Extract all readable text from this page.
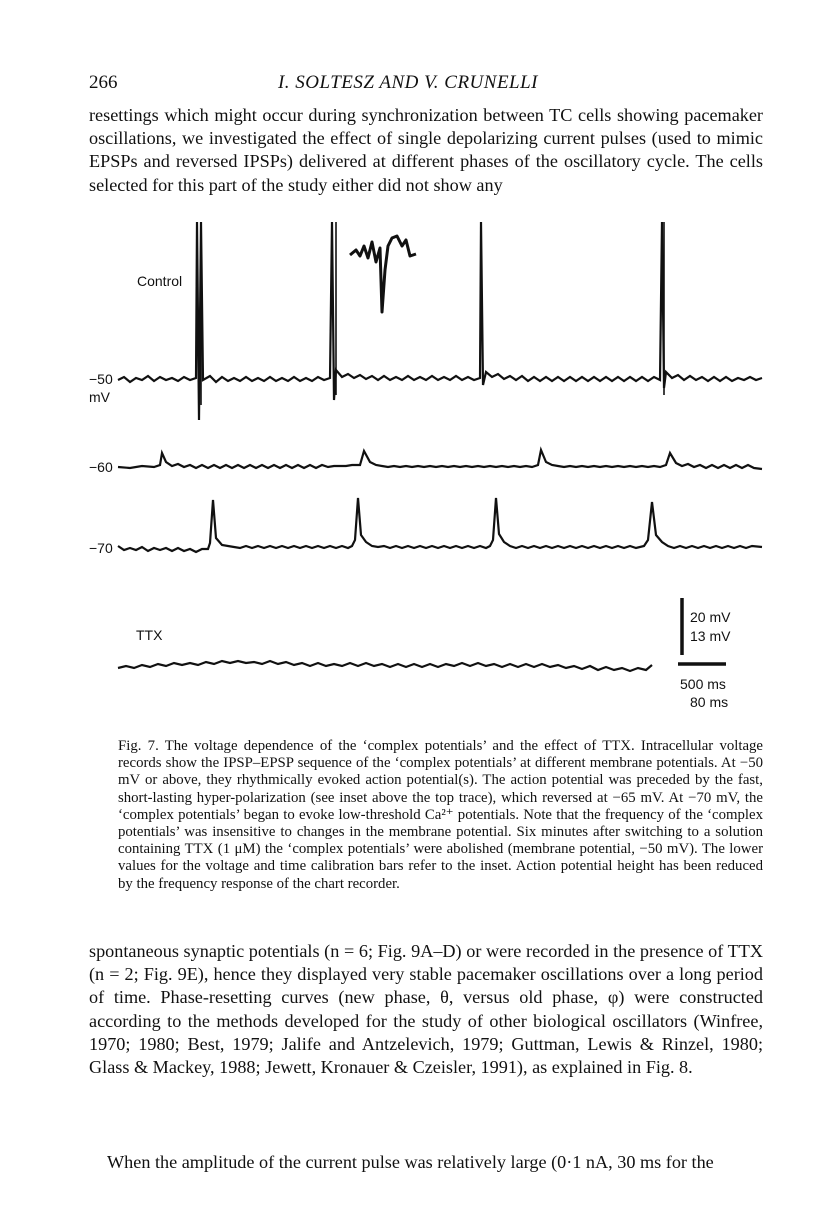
266	I. SOLTESZ AND V. CRUNELLI
resettings which might occur during synchronization between TC cells showing pacemaker oscillations, we investigated the effect of single depolarizing current pulses (used to mimic EPSPs and reversed IPSPs) delivered at different phases of the oscillatory cycle. The cells selected for this part of the study either did not show any
Control
−50
mV
−60
−70
TTX
20 mV
13 mV
500 ms
80 ms
Fig. 7. The voltage dependence of the ‘complex potentials’ and the effect of TTX. Intracellular voltage records show the IPSP–EPSP sequence of the ‘complex potentials’ at different membrane potentials. At −50 mV or above, they rhythmically evoked action potential(s). The action potential was preceded by the fast, short-lasting hyper-polarization (see inset above the top trace), which reversed at −65 mV. At −70 mV, the ‘complex potentials’ began to evoke low-threshold Ca²⁺ potentials. Note that the frequency of the ‘complex potentials’ was insensitive to changes in the membrane potential. Six minutes after switching to a solution containing TTX (1 μM) the ‘complex potentials’ were abolished (membrane potential, −50 mV). The lower values for the voltage and time calibration bars refer to the inset. Action potential height has been reduced by the frequency response of the chart recorder.
spontaneous synaptic potentials (n = 6; Fig. 9A–D) or were recorded in the presence of TTX (n = 2; Fig. 9E), hence they displayed very stable pacemaker oscillations over a long period of time. Phase-resetting curves (new phase, θ, versus old phase, φ) were constructed according to the methods developed for the study of other biological oscillators (Winfree, 1970; 1980; Best, 1979; Jalife and Antzelevich, 1979; Guttman, Lewis & Rinzel, 1980; Glass & Mackey, 1988; Jewett, Kronauer & Czeisler, 1991), as explained in Fig. 8.
When the amplitude of the current pulse was relatively large (0·1 nA, 30 ms for the
